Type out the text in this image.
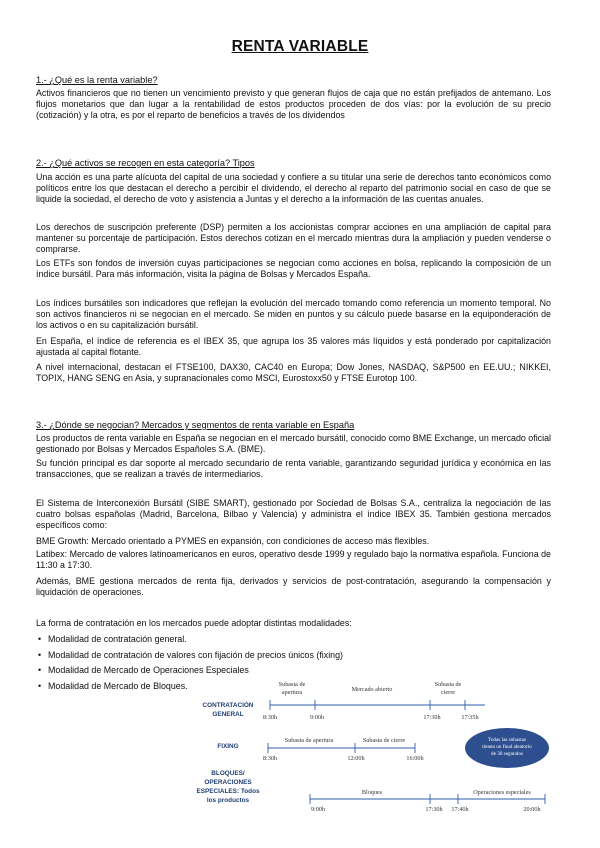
RENTA VARIABLE
1.- ¿Qué es la renta variable?

Activos financieros que no tienen un vencimiento previsto y que generan flujos de caja que no están prefijados de antemano. Los flujos monetarios que dan lugar a la rentabilidad de estos productos proceden de dos vías: por la evolución de su precio (cotización) y la otra, es por el reparto de beneficios a través de los dividendos

2.- ¿Qué activos se recogen en esta categoría? Tipos

Una acción es una parte alícuota del capital de una sociedad y confiere a su titular una serie de derechos tanto económicos como políticos entre los que destacan el derecho a percibir el dividendo, el derecho al reparto del patrimonio social en caso de que se liquide la sociedad, el derecho de voto y asistencia a Juntas y el derecho a la información de las cuentas anuales.

Los derechos de suscripción preferente (DSP) permiten a los accionistas comprar acciones en una ampliación de capital para mantener su porcentaje de participación. Estos derechos cotizan en el mercado mientras dura la ampliación y pueden venderse o comprarse.

Los ETFs son fondos de inversión cuyas participaciones se negocian como acciones en bolsa, replicando la composición de un índice bursátil. Para más información, visita la página de Bolsas y Mercados España.

Los índices bursátiles son indicadores que reflejan la evolución del mercado tomando como referencia un momento temporal. No son activos financieros ni se negocian en el mercado. Se miden en puntos y su cálculo puede basarse en la equiponderación de los activos o en su capitalización bursátil.

En España, el índice de referencia es el IBEX 35, que agrupa los 35 valores más líquidos y está ponderado por capitalización ajustada al capital flotante.

A nivel internacional, destacan el FTSE100, DAX30, CAC40 en Europa; Dow Jones, NASDAQ, S&P500 en EE.UU.; NIKKEI, TOPIX, HANG SENG en Asia, y supranacionales como MSCI, Eurostoxx50 y FTSE Eurotop 100.

3.- ¿Dónde se negocian? Mercados y segmentos de renta variable en España

Los productos de renta variable en España se negocian en el mercado bursátil, conocido como BME Exchange, un mercado oficial gestionado por Bolsas y Mercados Españoles S.A. (BME).

Su función principal es dar soporte al mercado secundario de renta variable, garantizando seguridad jurídica y económica en las transacciones, que se realizan a través de intermediarios.

El Sistema de Interconexión Bursátil (SIBE SMART), gestionado por Sociedad de Bolsas S.A., centraliza la negociación de las cuatro bolsas españolas (Madrid, Barcelona, Bilbao y Valencia) y administra el índice IBEX 35. También gestiona mercados específicos como:

BME Growth: Mercado orientado a PYMES en expansión, con condiciones de acceso más flexibles.

Latibex: Mercado de valores latinoamericanos en euros, operativo desde 1999 y regulado bajo la normativa española. Funciona de 11:30 a 17:30.

Además, BME gestiona mercados de renta fija, derivados y servicios de post-contratación, asegurando la compensación y liquidación de operaciones.

La forma de contratación en los mercados puede adoptar distintas modalidades:

• Modalidad de contratación general.
• Modalidad de contratación de valores con fijación de precios únicos (fixing)
• Modalidad de Mercado de Operaciones Especiales
• Modalidad de Mercado de Bloques.
Todas las subastas
tienen un final aleatorio
de 30 segundos
CONTRATACIÓN
GENERAL
FIXING
BLOQUES/
OPERACIONES
ESPECIALES: Todos
los productos
Subasta de
apertura	Mercado abierto
Subasta de
cierre
8:30h	9:00h	17:30h	17:35h
Subasta de apertura	Subasta de cierre
8:30h	12:00h	16:00h
Bloques	Operaciones especiales
9:00h	17:30h 17:40h	20:00h
